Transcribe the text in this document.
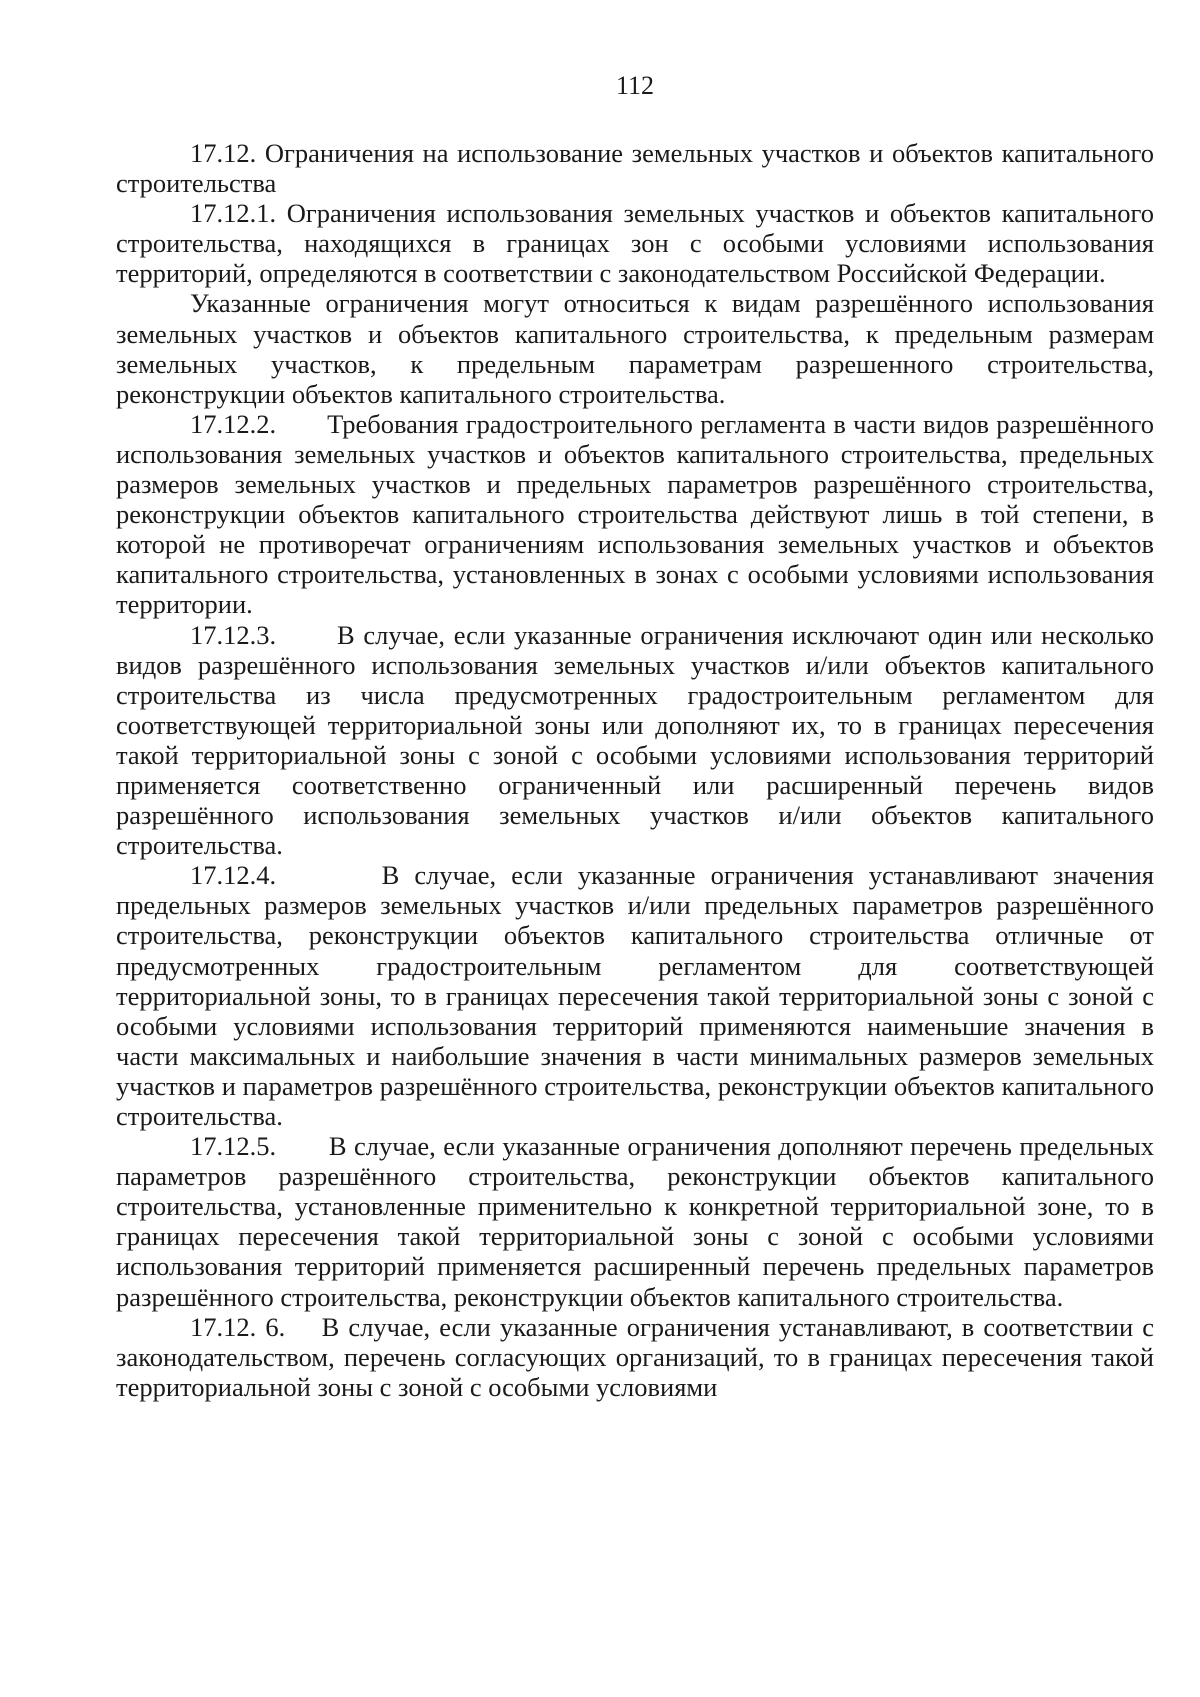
112

17.12. Ограничения на использование земельных участков и объектов капитального строительства

17.12.1. Ограничения использования земельных участков и объектов капитального строительства, находящихся в границах зон с особыми условиями использования территорий, определяются в соответствии с законодательством Российской Федерации.

Указанные ограничения могут относиться к видам разрешённого использования земельных участков и объектов капитального строительства, к предельным размерам земельных участков, к предельным параметрам разрешенного строительства, реконструкции объектов капитального строительства.

17.12.2. Требования градостроительного регламента в части видов разрешённого использования земельных участков и объектов капитального строительства, предельных размеров земельных участков и предельных параметров разрешённого строительства, реконструкции объектов капитального строительства действуют лишь в той степени, в которой не противоречат ограничениям использования земельных участков и объектов капитального строительства, установленных в зонах с особыми условиями использования территории.

17.12.3. В случае, если указанные ограничения исключают один или несколько видов разрешённого использования земельных участков и/или объектов капитального строительства из числа предусмотренных градостроительным регламентом для соответствующей территориальной зоны или дополняют их, то в границах пересечения такой территориальной зоны с зоной с особыми условиями использования территорий применяется соответственно ограниченный или расширенный перечень видов разрешённого использования земельных участков и/или объектов капитального строительства.

17.12.4.	В случае, если указанные ограничения устанавливают значения предельных размеров земельных участков и/или предельных параметров разрешённого строительства, реконструкции объектов капитального строительства отличные от предусмотренных градостроительным регламентом для соответствующей территориальной зоны, то в границах пересечения такой территориальной зоны с зоной с особыми условиями использования территорий применяются наименьшие значения в части максимальных и наибольшие значения в части минимальных размеров земельных участков и параметров разрешённого строительства, реконструкции объектов капитального строительства.

17.12.5. В случае, если указанные ограничения дополняют перечень предельных параметров разрешённого строительства, реконструкции объектов капитального строительства, установленные применительно к конкретной территориальной зоне, то в границах пересечения такой территориальной зоны с зоной с особыми условиями использования территорий применяется расширенный перечень предельных параметров разрешённого строительства, реконструкции объектов капитального строительства.

17.12. 6. В случае, если указанные ограничения устанавливают, в соответствии с законодательством, перечень согласующих организаций, то в границах пересечения такой территориальной зоны с зоной с особыми условиями
